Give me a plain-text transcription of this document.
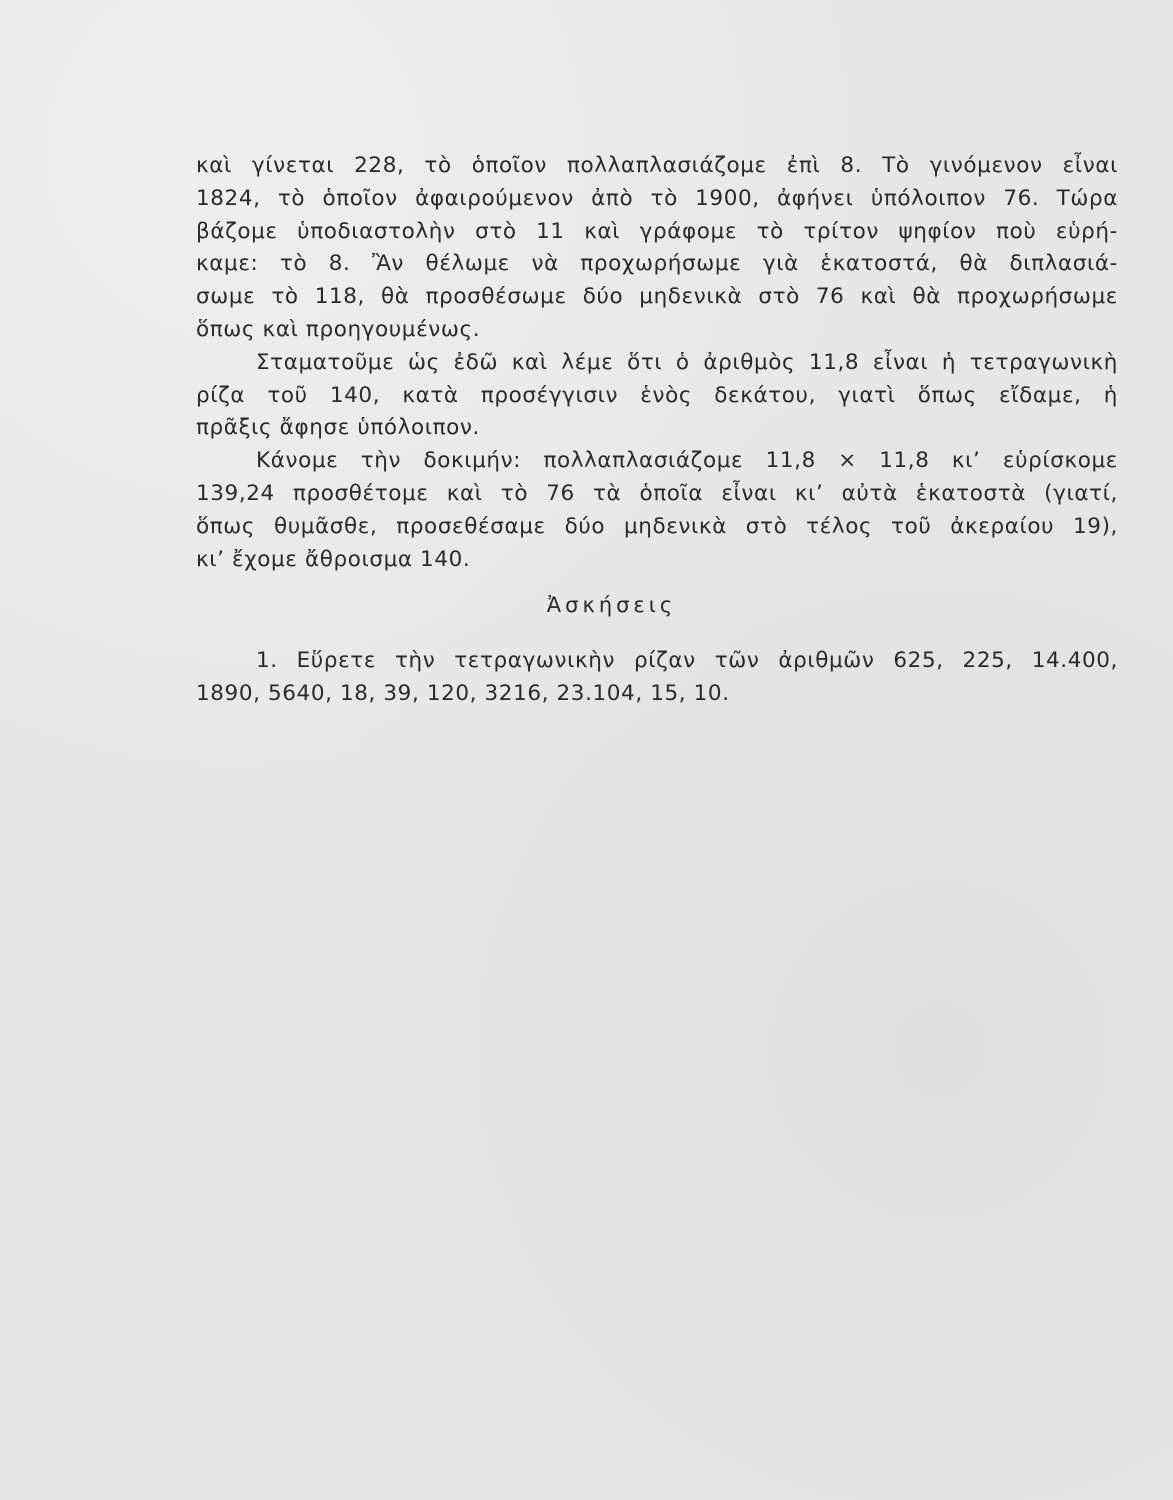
καὶ γίνεται 228, τὸ ὁποῖον πολλαπλασιάζομε ἐπὶ 8. Τὸ γινόμενον εἶναι
1824, τὸ ὁποῖον ἀφαιρούμενον ἀπὸ τὸ 1900, ἀφήνει ὑπόλοιπον 76. Τώρα
βάζομε ὑποδιαστολὴν στὸ 11 καὶ γράφομε τὸ τρίτον ψηφίον ποὺ εὑρή-
καμε: τὸ 8. Ἂν θέλωμε νὰ προχωρήσωμε γιὰ ἑκατοστά, θὰ διπλασιά-
σωμε τὸ 118, θὰ προσθέσωμε δύο μηδενικὰ στὸ 76 καὶ θὰ προχωρήσωμε
ὅπως καὶ προηγουμένως.
Σταματοῦμε ὡς ἐδῶ καὶ λέμε ὅτι ὁ ἀριθμὸς 11,8 εἶναι ἡ τετραγωνικὴ
ρίζα τοῦ 140, κατὰ προσέγγισιν ἑνὸς δεκάτου, γιατὶ ὅπως εἴδαμε, ἡ
πρᾶξις ἄφησε ὑπόλοιπον.
Κάνομε τὴν δοκιμήν: πολλαπλασιάζομε 11,8 × 11,8 κι’ εὑρίσκομε
139,24 προσθέτομε καὶ τὸ 76 τὰ ὁποῖα εἶναι κι’ αὐτὰ ἑκατοστὰ (γιατί,
ὅπως θυμᾶσθε, προσεθέσαμε δύο μηδενικὰ στὸ τέλος τοῦ ἀκεραίου 19),
κι’ ἔχομε ἄθροισμα 140.
Ἀσκήσεις
1. Εὕρετε τὴν τετραγωνικὴν ρίζαν τῶν ἀριθμῶν 625, 225, 14.400,
1890, 5640, 18, 39, 120, 3216, 23.104, 15, 10.
